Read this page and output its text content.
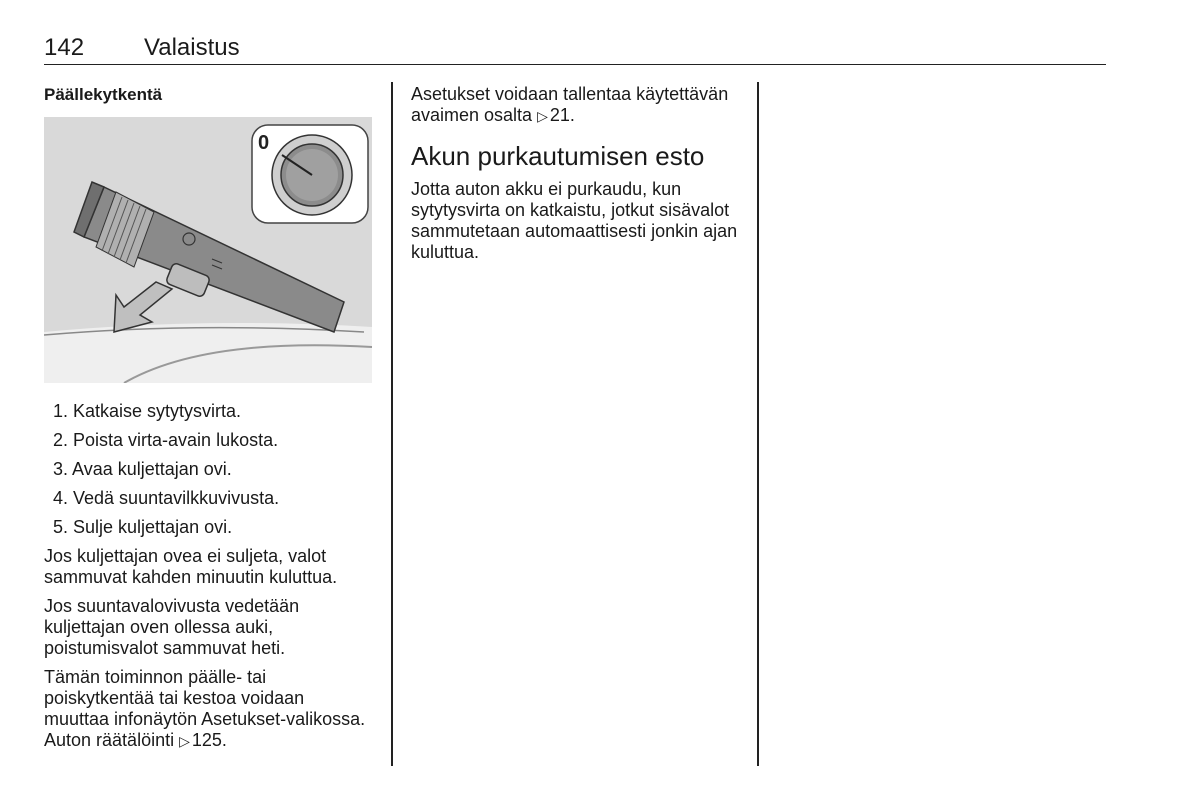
142 Valaistus
Päällekytkentä
0
1. Katkaise sytytysvirta.
2. Poista virta-avain lukosta.
3. Avaa kuljettajan ovi.
4. Vedä suuntavilkkuvivusta.
5. Sulje kuljettajan ovi.
Jos kuljettajan ovea ei suljeta, valot sammuvat kahden minuutin kuluttua.
Jos suuntavalovivusta vedetään kuljettajan oven ollessa auki, poistumisvalot sammuvat heti.
Tämän toiminnon päälle- tai poiskytkentää tai kestoa voidaan muuttaa infonäytön Asetukset-valikossa. Auton räätälöinti ▷ 125.
Asetukset voidaan tallentaa käytettävän avaimen osalta ▷ 21.
Akun purkautumisen esto
Jotta auton akku ei purkaudu, kun sytytysvirta on katkaistu, jotkut sisävalot sammutetaan automaattisesti jonkin ajan kuluttua.
